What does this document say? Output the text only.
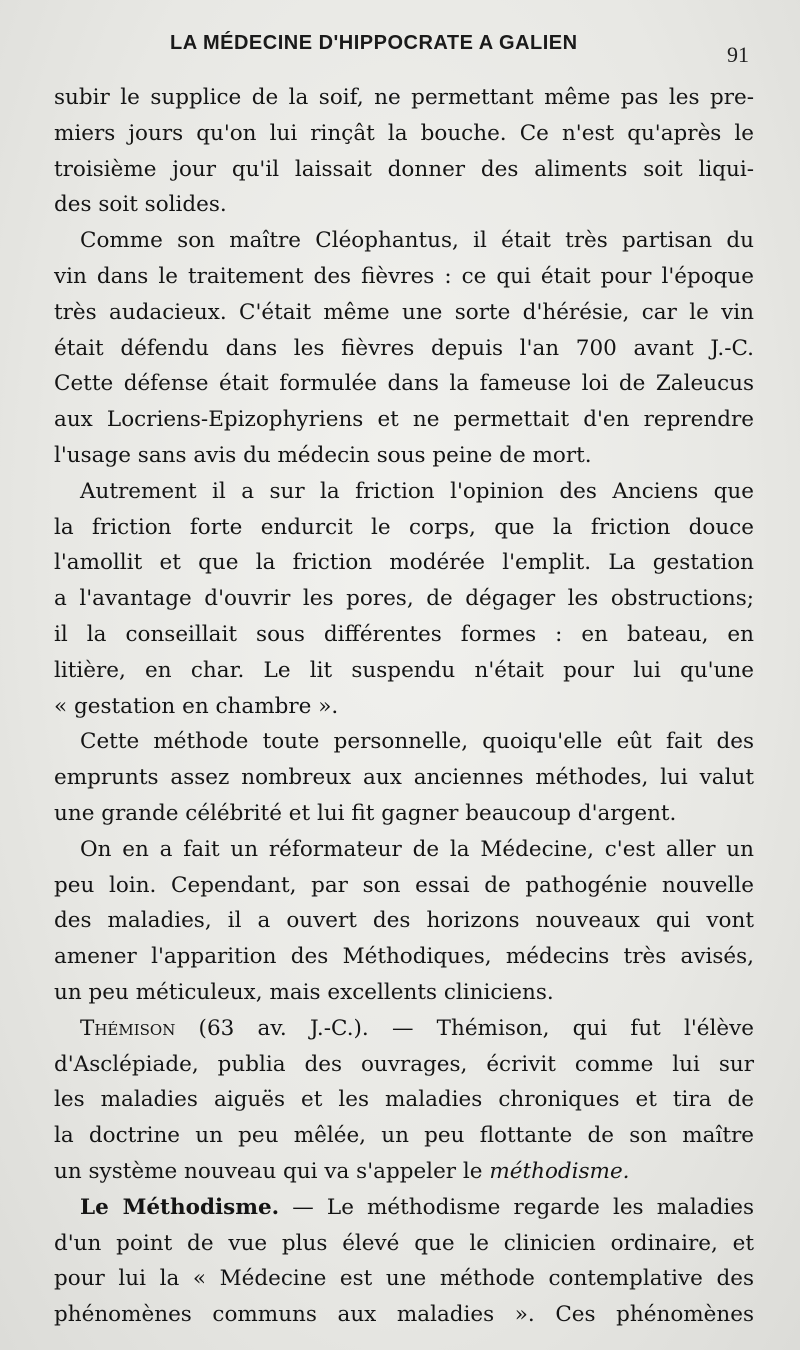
LA MÉDECINE D'HIPPOCRATE A GALIEN	91
subir le supplice de la soif, ne permettant même pas les pre-
miers jours qu'on lui rinçât la bouche. Ce n'est qu'après le
troisième jour qu'il laissait donner des aliments soit liqui-
des soit solides.
Comme son maître Cléophantus, il était très partisan du
vin dans le traitement des fièvres : ce qui était pour l'époque
très audacieux. C'était même une sorte d'hérésie, car le vin
était défendu dans les fièvres depuis l'an 700 avant J.-C.
Cette défense était formulée dans la fameuse loi de Zaleucus
aux Locriens-Epizophyriens et ne permettait d'en reprendre
l'usage sans avis du médecin sous peine de mort.
Autrement il a sur la friction l'opinion des Anciens que
la friction forte endurcit le corps, que la friction douce
l'amollit et que la friction modérée l'emplit. La gestation
a l'avantage d'ouvrir les pores, de dégager les obstructions;
il la conseillait sous différentes formes : en bateau, en
litière, en char. Le lit suspendu n'était pour lui qu'une
« gestation en chambre ».
Cette méthode toute personnelle, quoiqu'elle eût fait des
emprunts assez nombreux aux anciennes méthodes, lui valut
une grande célébrité et lui fit gagner beaucoup d'argent.
On en a fait un réformateur de la Médecine, c'est aller un
peu loin. Cependant, par son essai de pathogénie nouvelle
des maladies, il a ouvert des horizons nouveaux qui vont
amener l'apparition des Méthodiques, médecins très avisés,
un peu méticuleux, mais excellents cliniciens.
Thémison (63 av. J.-C.). — Thémison, qui fut l'élève
d'Asclépiade, publia des ouvrages, écrivit comme lui sur
les maladies aiguës et les maladies chroniques et tira de
la doctrine un peu mêlée, un peu flottante de son maître
un système nouveau qui va s'appeler le méthodisme.
Le Méthodisme. — Le méthodisme regarde les maladies
d'un point de vue plus élevé que le clinicien ordinaire, et
pour lui la « Médecine est une méthode contemplative des
phénomènes communs aux maladies ». Ces phénomènes
